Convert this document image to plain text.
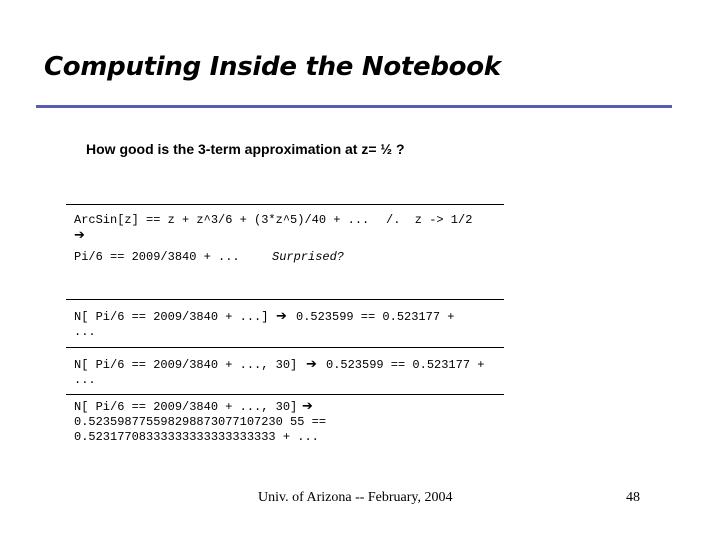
Computing Inside the Notebook
How good is the 3-term approximation at z= ½ ?
ArcSin[z] == z + z^3/6 + (3*z^5)/40 + ... /.  z -> 1/2
➔
Pi/6 == 2009/3840 + ...	Surprised?
N[ Pi/6 == 2009/3840 + ...] ➔ 0.523599 == 0.523177 +
...
N[ Pi/6 == 2009/3840 + ..., 30] ➔ 0.523599 == 0.523177 +
...
N[ Pi/6 == 2009/3840 + ..., 30] ➔
0.523598775598298873077107230 55 ==
0.52317708333333333333333333 + ...
Univ. of Arizona -- February, 2004	48
